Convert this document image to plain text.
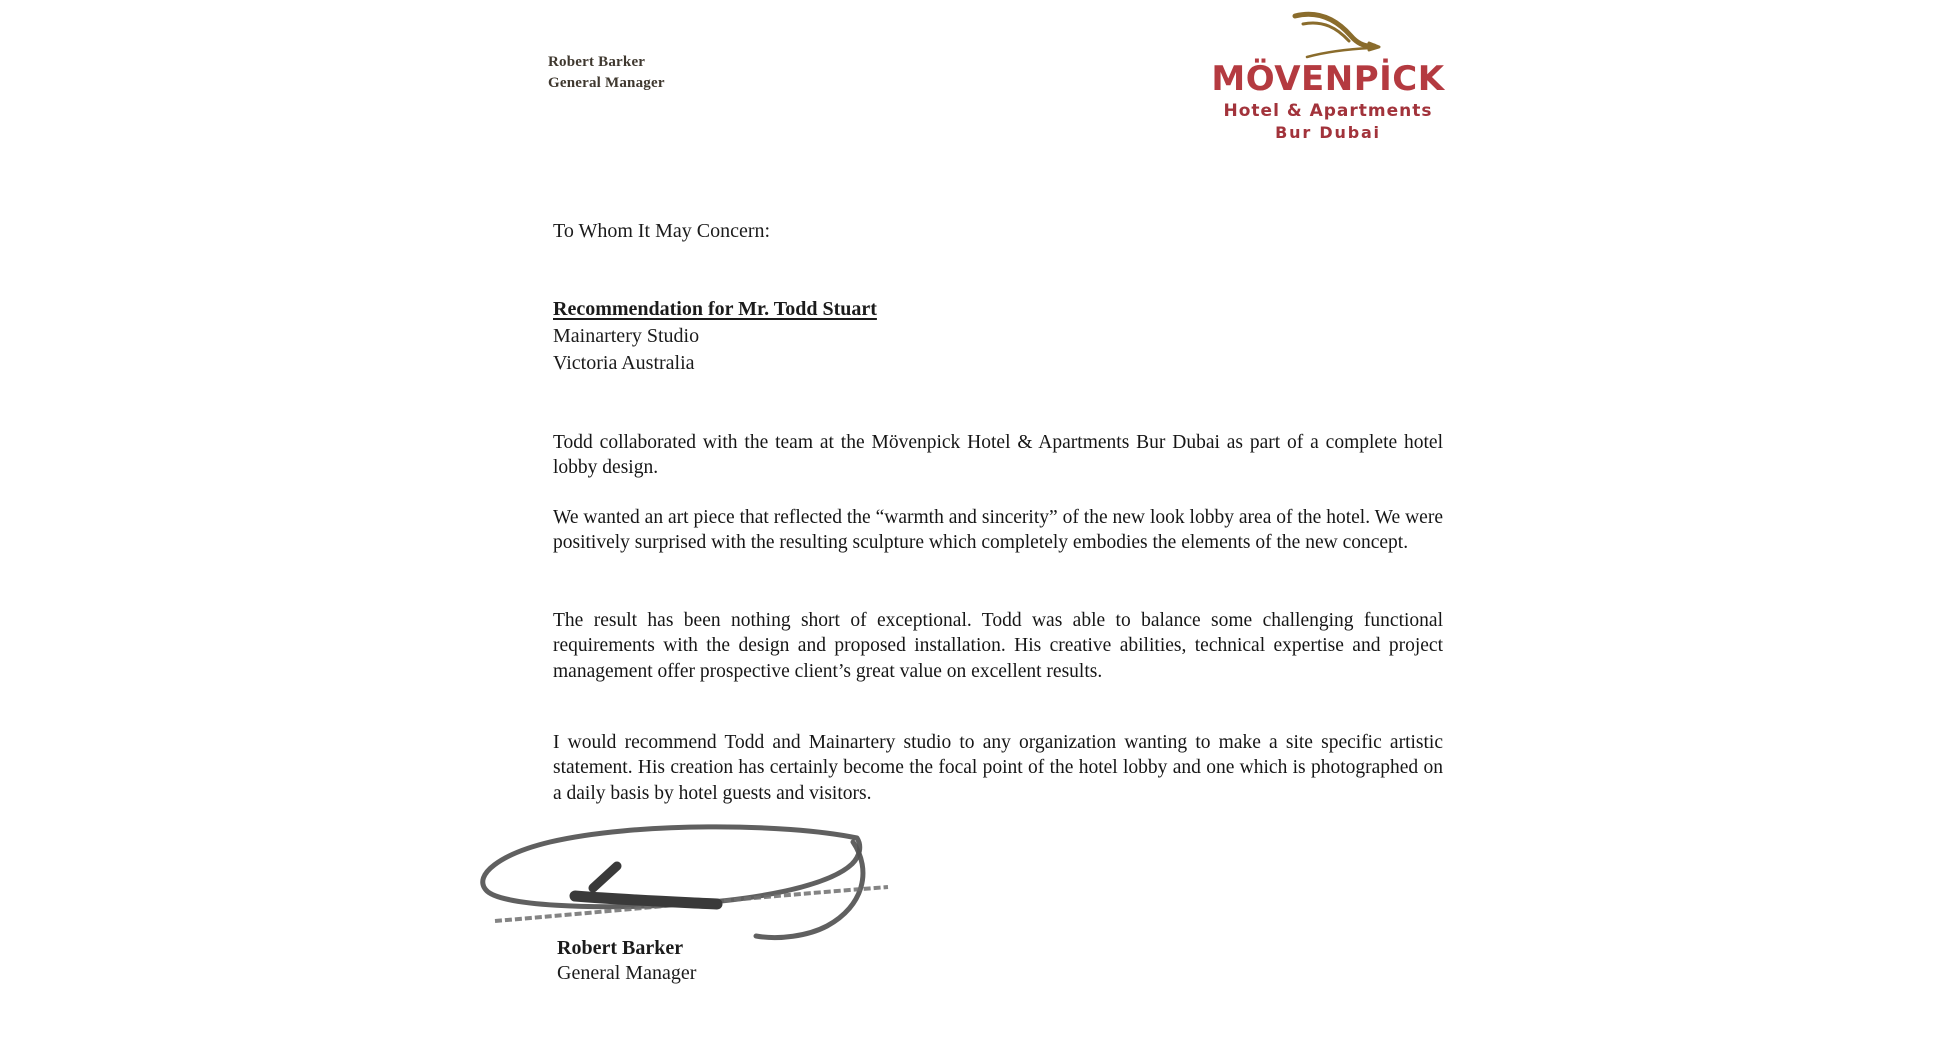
Robert Barker
General Manager	MÖVENPİCK
Hotel & Apartments
Bur Dubai
To Whom It May Concern:
Recommendation for Mr. Todd Stuart
Mainartery Studio
Victoria Australia
Todd collaborated with the team at the Mövenpick Hotel & Apartments Bur Dubai as part of a complete hotel lobby design.
We wanted an art piece that reflected the “warmth and sincerity” of the new look lobby area of the hotel. We were positively surprised with the resulting sculpture which completely embodies the elements of the new concept.
The result has been nothing short of exceptional. Todd was able to balance some challenging functional requirements with the design and proposed installation. His creative abilities, technical expertise and project management offer prospective client’s great value on excellent results.
I would recommend Todd and Mainartery studio to any organization wanting to make a site specific artistic statement. His creation has certainly become the focal point of the hotel lobby and one which is photographed on a daily basis by hotel guests and visitors.
Robert Barker
General Manager
